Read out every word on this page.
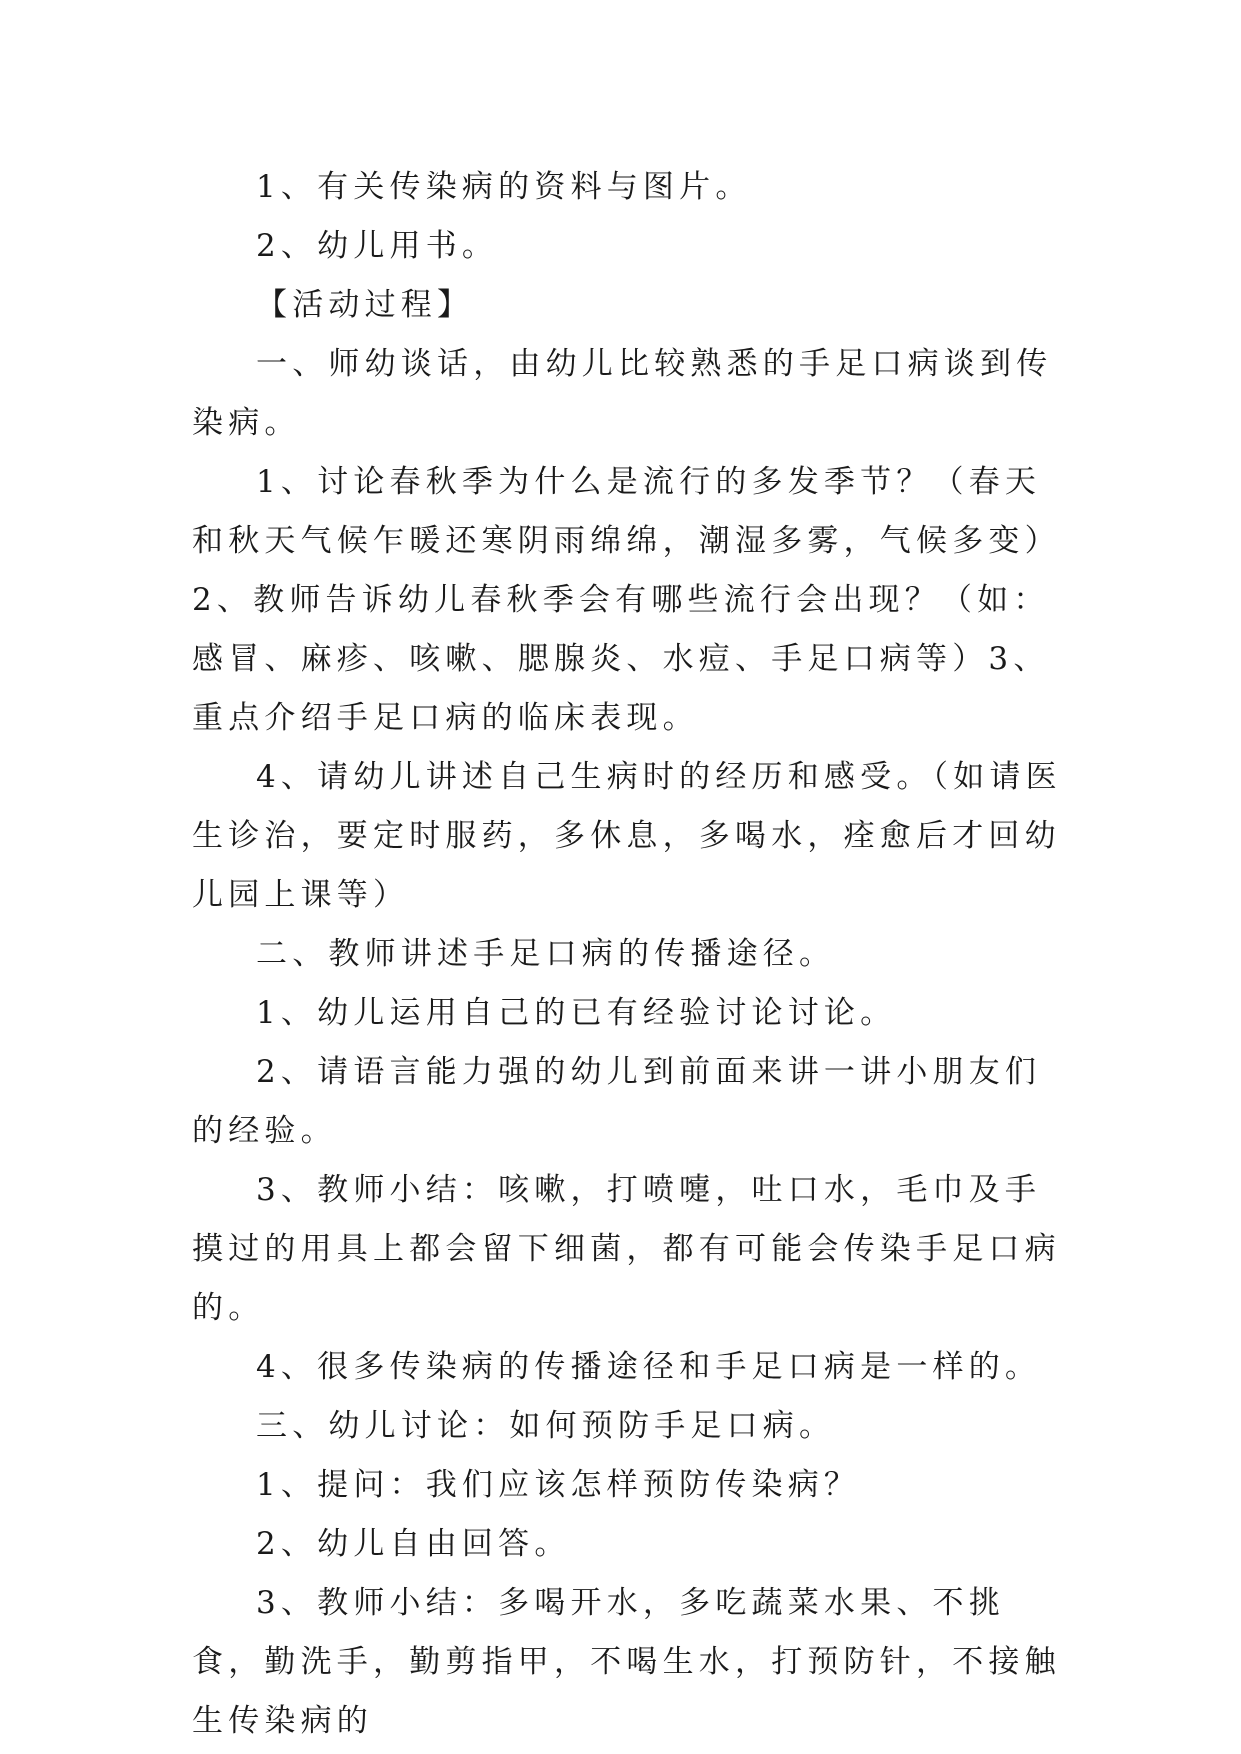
1、有关传染病的资料与图片。

2、幼儿用书。

【活动过程】

一、师幼谈话，由幼儿比较熟悉的手足口病谈到传染病。

1、讨论春秋季为什么是流行的多发季节？（春天和秋天气候乍暖还寒阴雨绵绵，潮湿多雾，气候多变）2、教师告诉幼儿春秋季会有哪些流行会出现？（如：感冒、麻疹、咳嗽、腮腺炎、水痘、手足口病等）3、重点介绍手足口病的临床表现。

4、请幼儿讲述自己生病时的经历和感受。（如请医生诊治，要定时服药，多休息，多喝水，痊愈后才回幼儿园上课等）

二、教师讲述手足口病的传播途径。

1、幼儿运用自己的已有经验讨论讨论。

2、请语言能力强的幼儿到前面来讲一讲小朋友们的经验。

3、教师小结：咳嗽，打喷嚏，吐口水，毛巾及手摸过的用具上都会留下细菌，都有可能会传染手足口病的。

4、很多传染病的传播途径和手足口病是一样的。

三、幼儿讨论：如何预防手足口病。

1、提问：我们应该怎样预防传染病？

2、幼儿自由回答。

3、教师小结：多喝开水，多吃蔬菜水果、不挑食，勤洗手，勤剪指甲，不喝生水，打预防针，不接触生传染病的
